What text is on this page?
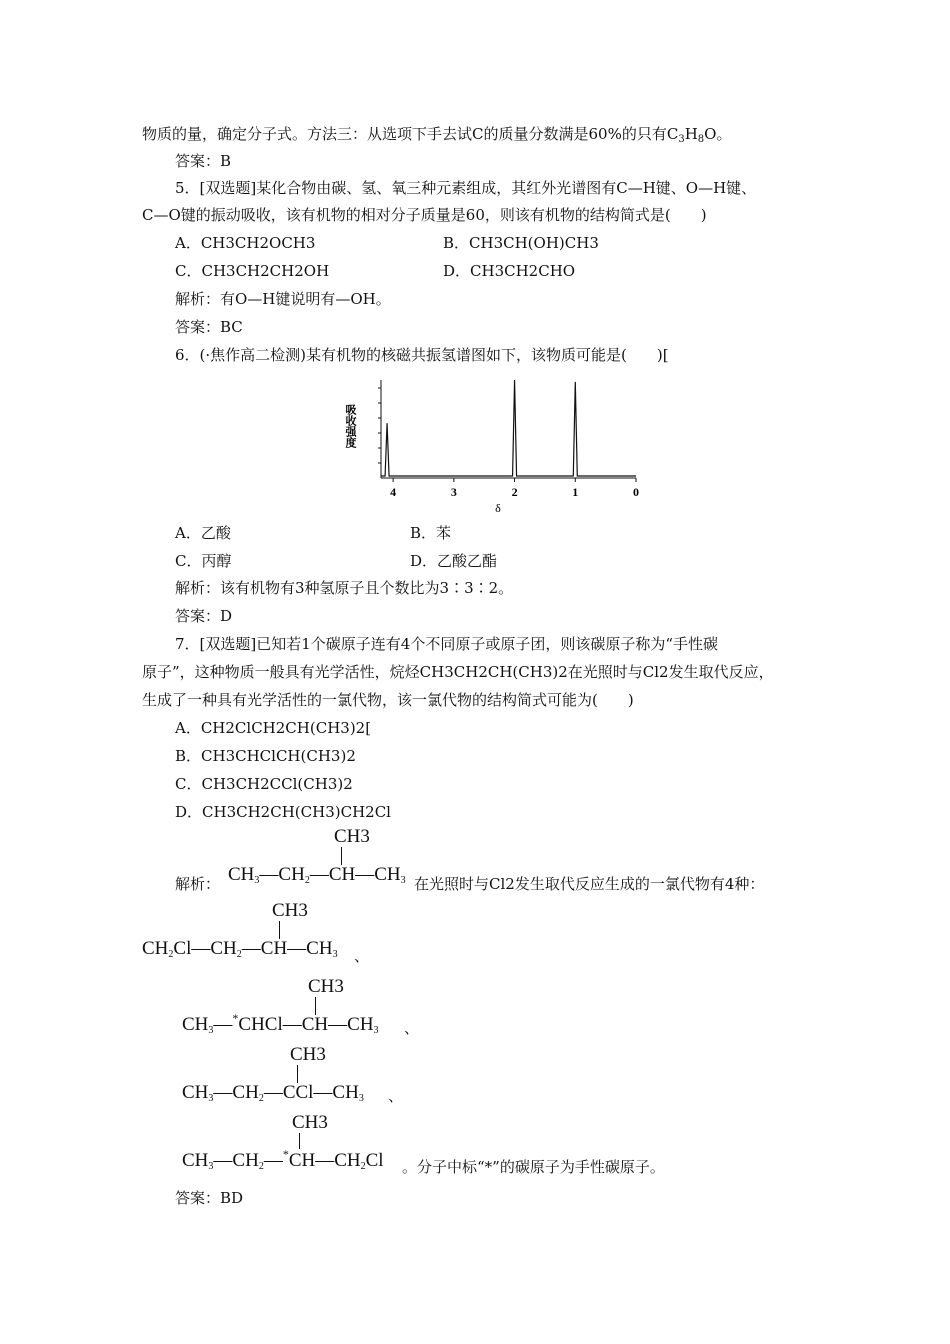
物质的量，确定分子式。方法三：从选项下手去试C的质量分数满是60%的只有$C_3H_8O$。
答案：B
5．[双选题]某化合物由碳、氢、氧三种元素组成，其红外光谱图有C—H键、O—H键、
C—O键的振动吸收，该有机物的相对分子质量是60，则该有机物的结构简式是(　　)
A．CH3CH2OCH3	B．CH3CH(OH)CH3
C．CH3CH2CH2OH	D．CH3CH2CHO
解析：有O—H键说明有—OH。
答案：BC
6．(·焦作高二检测)某有机物的核磁共振氢谱图如下，该物质可能是(　　)[
吸收强度
4	3	2	1	0
δ
A．乙酸	B．苯
C．丙醇	D．乙酸乙酯
解析：该有机物有3种氢原子且个数比为3∶3∶2。
答案：D
7．[双选题]已知若1个碳原子连有4个不同原子或原子团，则该碳原子称为“手性碳
原子”，这种物质一般具有光学活性，烷烃CH3CH2CH(CH3)2在光照时与Cl2发生取代反应，
生成了一种具有光学活性的一氯代物，该一氯代物的结构简式可能为(　　)
A．CH2ClCH2CH(CH3)2[
B．CH3CHClCH(CH3)2
C．CH3CH2CCl(CH3)2
D．CH3CH2CH(CH3)CH2Cl
解析：
CH3
$CH_3—CH_2—CH—CH_3$ 在光照时与Cl2发生取代反应生成的一氯代物有4种：
CH3
$CH_2Cl—CH_2—CH—CH_3$ 、
CH3
$CH_3—^*CHCl—CH—CH_3$ 、
CH3
$CH_3—CH_2—CCl—CH_3$ 、
CH3
$CH_3—CH_2—^*CH—CH_2Cl$ 。分子中标“*”的碳原子为手性碳原子。
答案：BD
